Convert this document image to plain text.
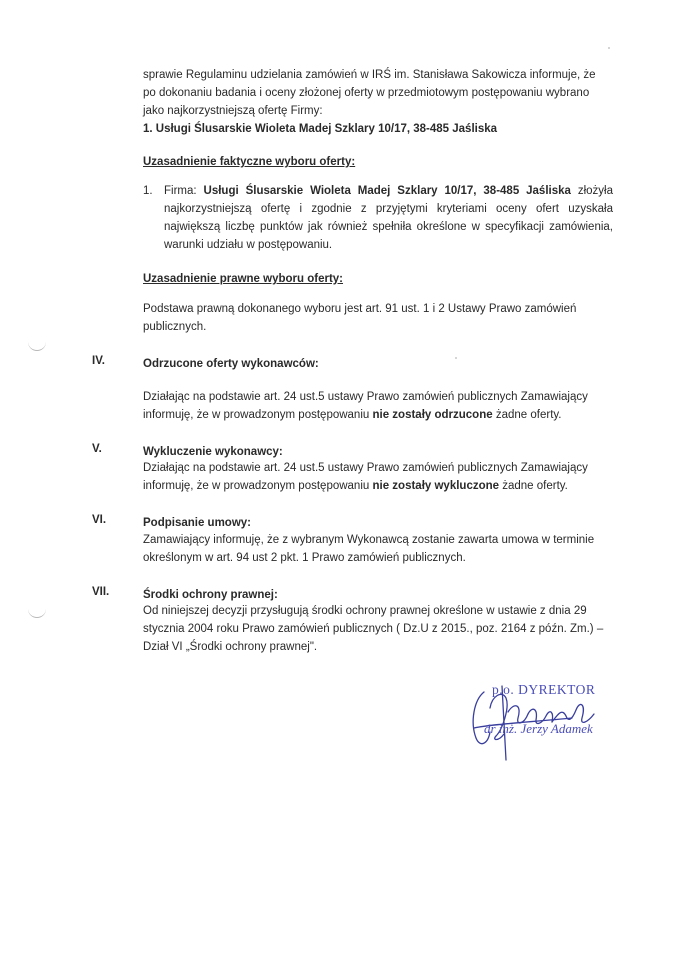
sprawie Regulaminu udzielania zamówień w IRŚ im. Stanisława Sakowicza informuje, że
po dokonaniu badania i oceny złożonej oferty w przedmiotowym postępowaniu wybrano
jako najkorzystniejszą ofertę Firmy:
1. Usługi Ślusarskie Wioleta Madej Szklary 10/17, 38-485 Jaśliska
Uzasadnienie faktyczne wyboru oferty:
1. Firma: Usługi Ślusarskie Wioleta Madej Szklary 10/17, 38-485 Jaśliska złożyła
najkorzystniejszą ofertę i zgodnie z przyjętymi kryteriami oceny ofert uzyskała
największą liczbę punktów jak również spełniła określone w specyfikacji zamówienia,
warunki udziału w postępowaniu.
Uzasadnienie prawne wyboru oferty:
Podstawa prawną dokonanego wyboru jest art. 91 ust. 1 i 2 Ustawy Prawo zamówień
publicznych.
IV.	Odrzucone oferty wykonawców:
Działając na podstawie art. 24 ust.5 ustawy Prawo zamówień publicznych Zamawiający
informuję, że w prowadzonym postępowaniu nie zostały odrzucone żadne oferty.
V.	Wykluczenie wykonawcy:
Działając na podstawie art. 24 ust.5 ustawy Prawo zamówień publicznych Zamawiający
informuję, że w prowadzonym postępowaniu nie zostały wykluczone żadne oferty.
VI.	Podpisanie umowy:
Zamawiający informuję, że z wybranym Wykonawcą zostanie zawarta umowa w terminie
określonym w art. 94 ust 2 pkt. 1 Prawo zamówień publicznych.
VII.	Środki ochrony prawnej:
Od niniejszej decyzji przysługują środki ochrony prawnej określone w ustawie z dnia 29
stycznia 2004 roku Prawo zamówień publicznych ( Dz.U z 2015., poz. 2164 z późn. Zm.) –
Dział VI „Środki ochrony prawnej".
p.o. DYREKTOR
dr inż. Jerzy Adamek
